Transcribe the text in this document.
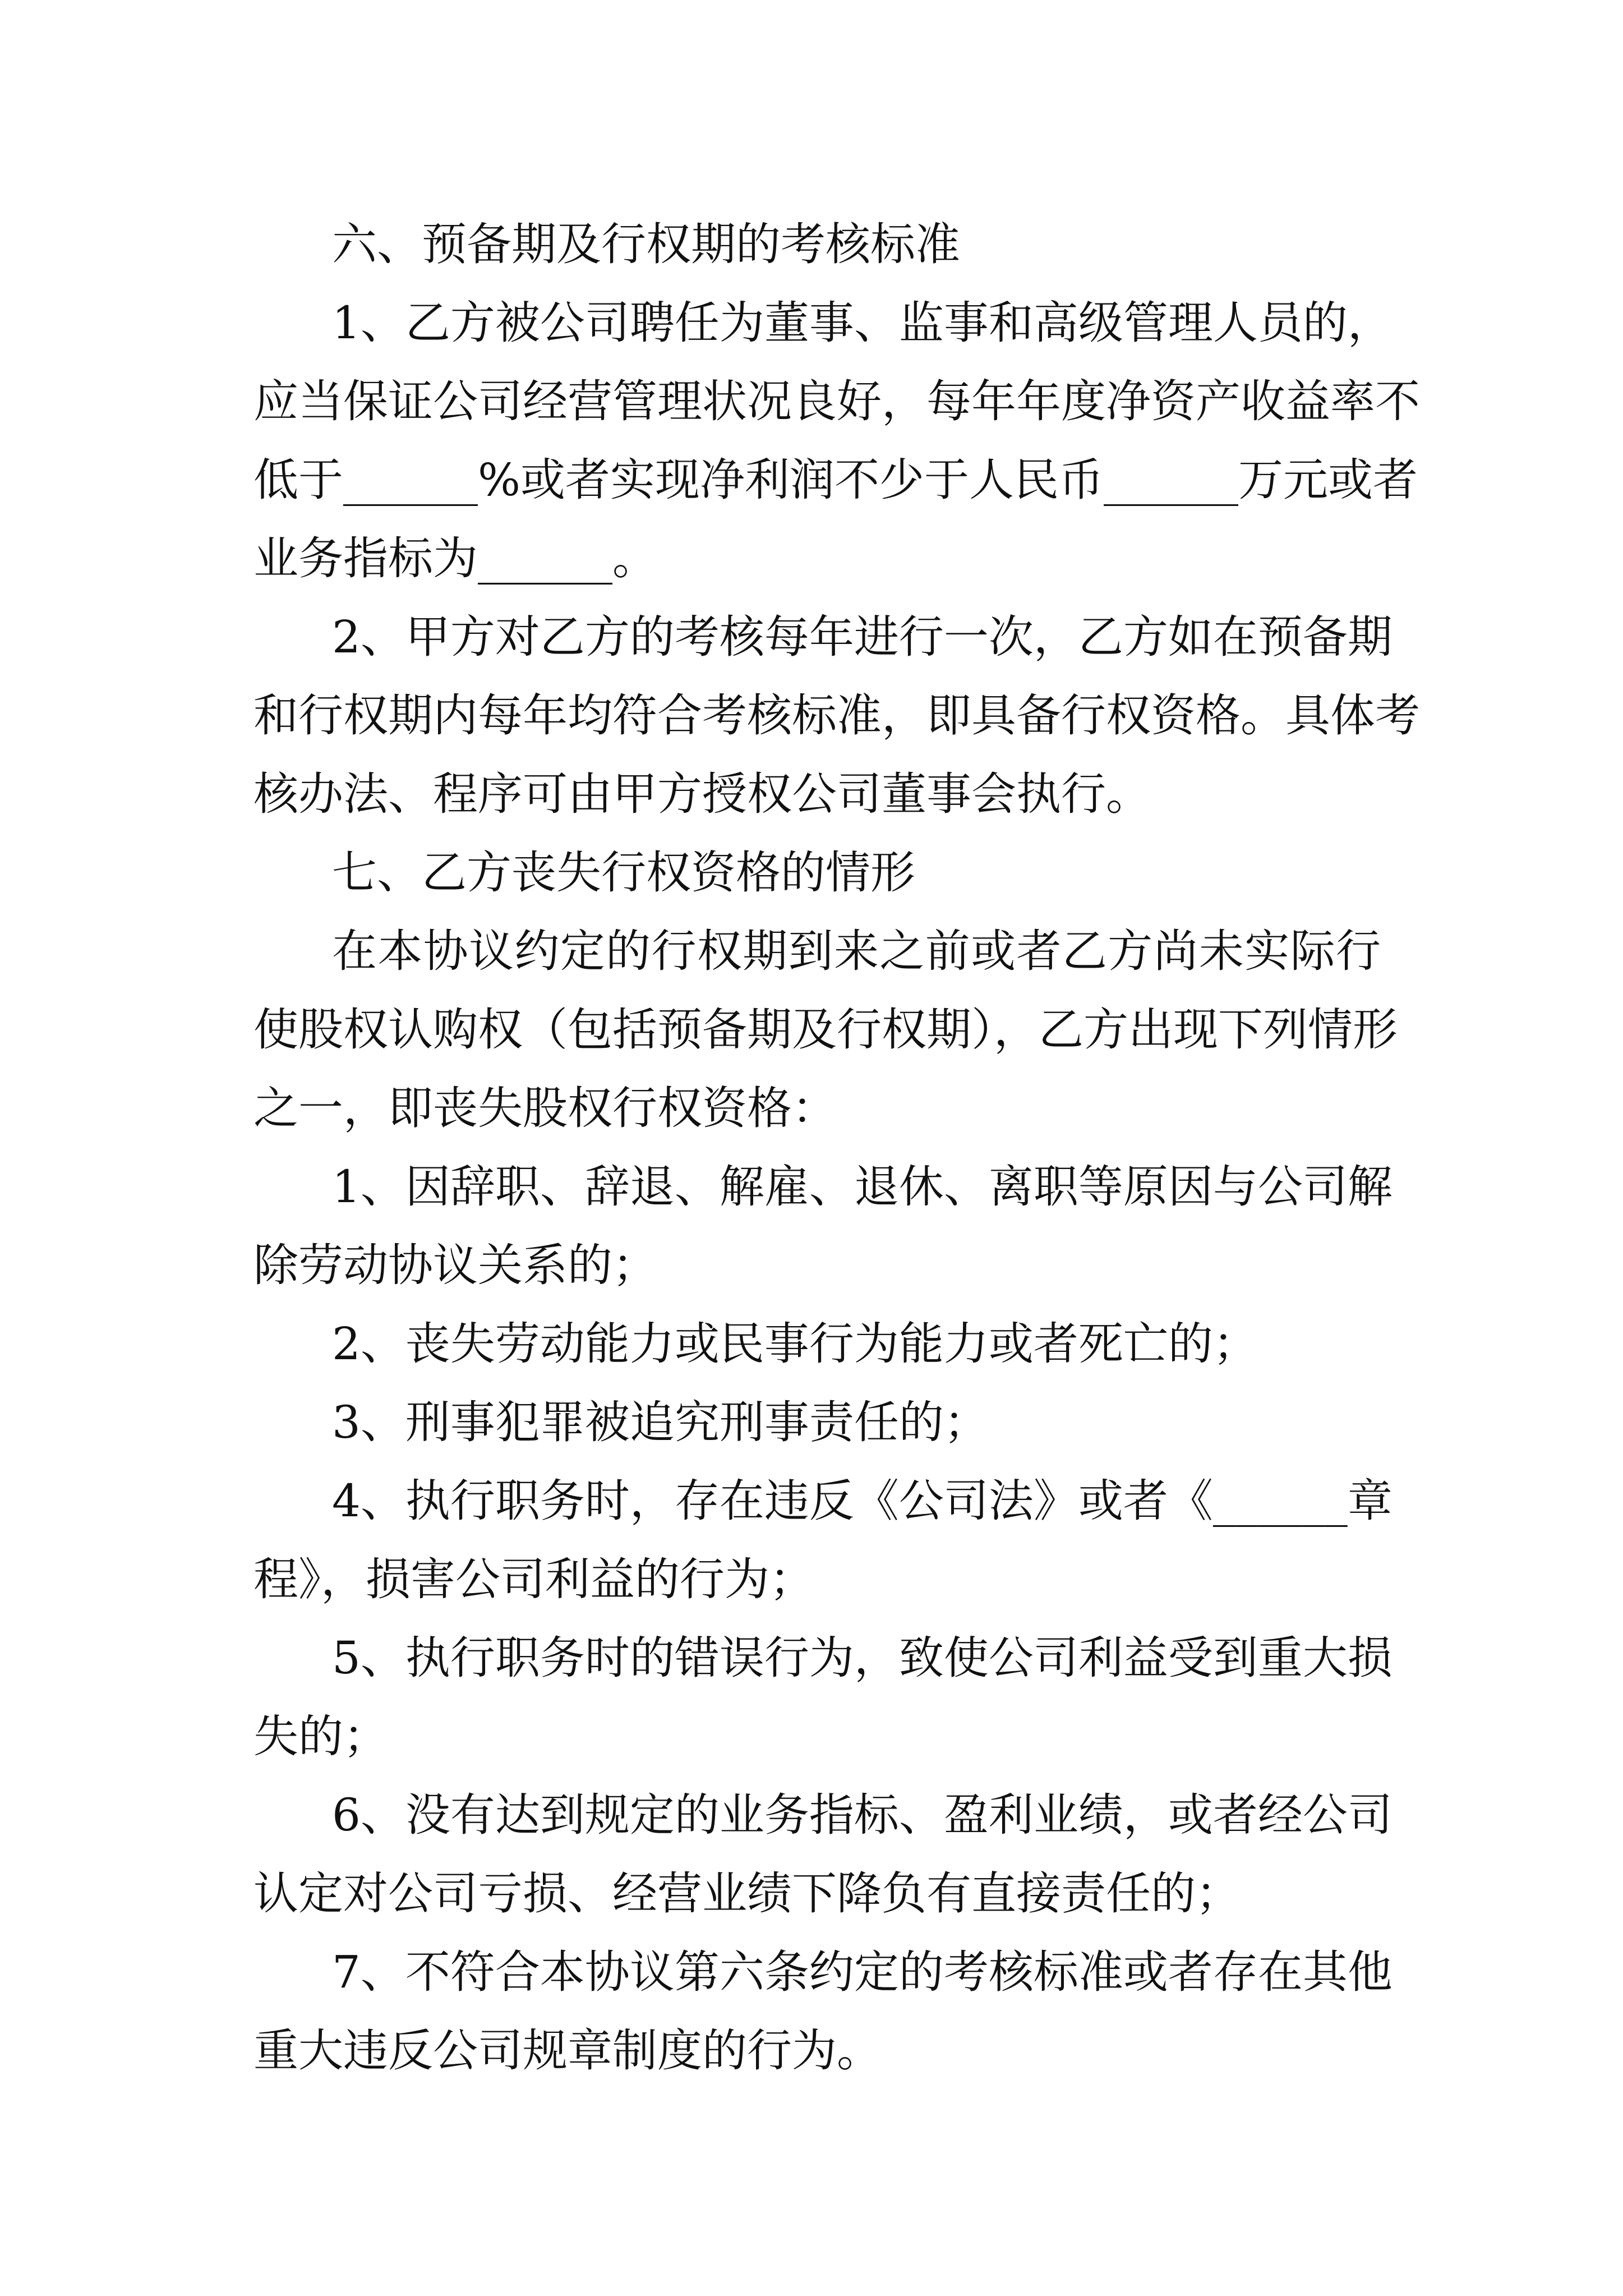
六、预备期及行权期的考核标准
1、乙方被公司聘任为董事、监事和高级管理人员的，
应当保证公司经营管理状况良好，每年年度净资产收益率不
低于______%或者实现净利润不少于人民币______万元或者
业务指标为______。
2、甲方对乙方的考核每年进行一次，乙方如在预备期
和行权期内每年均符合考核标准，即具备行权资格。具体考
核办法、程序可由甲方授权公司董事会执行。
七、乙方丧失行权资格的情形
在本协议约定的行权期到来之前或者乙方尚未实际行
使股权认购权（包括预备期及行权期），乙方出现下列情形
之一，即丧失股权行权资格：
1、因辞职、辞退、解雇、退休、离职等原因与公司解
除劳动协议关系的；
2、丧失劳动能力或民事行为能力或者死亡的；
3、刑事犯罪被追究刑事责任的；
4、执行职务时，存在违反《公司法》或者《______章
程》，损害公司利益的行为；
5、执行职务时的错误行为，致使公司利益受到重大损
失的；
6、没有达到规定的业务指标、盈利业绩，或者经公司
认定对公司亏损、经营业绩下降负有直接责任的；
7、不符合本协议第六条约定的考核标准或者存在其他
重大违反公司规章制度的行为。
